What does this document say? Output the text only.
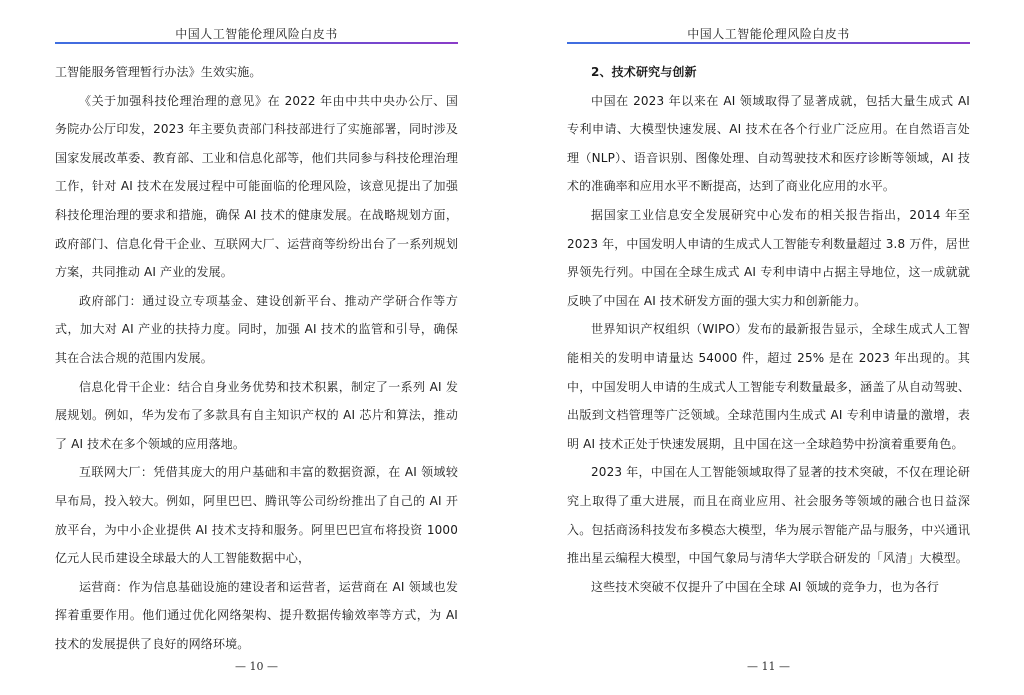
中国人工智能伦理风险白皮书

工智能服务管理暂行办法》生效实施。

《关于加强科技伦理治理的意见》在 2022 年由中共中央办公厅、国务院办公厅印发，2023 年主要负责部门科技部进行了实施部署，同时涉及国家发展改革委、教育部、工业和信息化部等，他们共同参与科技伦理治理工作，针对 AI 技术在发展过程中可能面临的伦理风险，该意见提出了加强科技伦理治理的要求和措施，确保 AI 技术的健康发展。在战略规划方面，政府部门、信息化骨干企业、互联网大厂、运营商等纷纷出台了一系列规划方案，共同推动 AI 产业的发展。

政府部门：通过设立专项基金、建设创新平台、推动产学研合作等方式，加大对 AI 产业的扶持力度。同时，加强 AI 技术的监管和引导，确保其在合法合规的范围内发展。

信息化骨干企业：结合自身业务优势和技术积累，制定了一系列 AI 发展规划。例如，华为发布了多款具有自主知识产权的 AI 芯片和算法，推动了 AI 技术在多个领域的应用落地。

互联网大厂：凭借其庞大的用户基础和丰富的数据资源，在 AI 领域较早布局，投入较大。例如，阿里巴巴、腾讯等公司纷纷推出了自己的 AI 开放平台，为中小企业提供 AI 技术支持和服务。阿里巴巴宣布将投资 1000 亿元人民币建设全球最大的人工智能数据中心，

运营商：作为信息基础设施的建设者和运营者，运营商在 AI 领域也发挥着重要作用。他们通过优化网络架构、提升数据传输效率等方式，为 AI 技术的发展提供了良好的网络环境。

— 10 —
中国人工智能伦理风险白皮书

2、技术研究与创新

中国在 2023 年以来在 AI 领域取得了显著成就，包括大量生成式 AI 专利申请、大模型快速发展、AI 技术在各个行业广泛应用。在自然语言处理（NLP）、语音识别、图像处理、自动驾驶技术和医疗诊断等领域，AI 技术的准确率和应用水平不断提高，达到了商业化应用的水平。

据国家工业信息安全发展研究中心发布的相关报告指出，2014 年至 2023 年，中国发明人申请的生成式人工智能专利数量超过 3.8 万件，居世界领先行列。中国在全球生成式 AI 专利申请中占据主导地位，这一成就就反映了中国在 AI 技术研发方面的强大实力和创新能力。

世界知识产权组织（WIPO）发布的最新报告显示，全球生成式人工智能相关的发明申请量达 54000 件，超过 25% 是在 2023 年出现的。其中，中国发明人申请的生成式人工智能专利数量最多，涵盖了从自动驾驶、出版到文档管理等广泛领域。全球范围内生成式 AI 专利申请量的激增，表明 AI 技术正处于快速发展期，且中国在这一全球趋势中扮演着重要角色。

2023 年，中国在人工智能领域取得了显著的技术突破，不仅在理论研究上取得了重大进展，而且在商业应用、社会服务等领域的融合也日益深入。包括商汤科技发布多模态大模型，华为展示智能产品与服务，中兴通讯推出星云编程大模型，中国气象局与清华大学联合研发的「风清」大模型。

这些技术突破不仅提升了中国在全球 AI 领域的竞争力，也为各行

— 11 —
